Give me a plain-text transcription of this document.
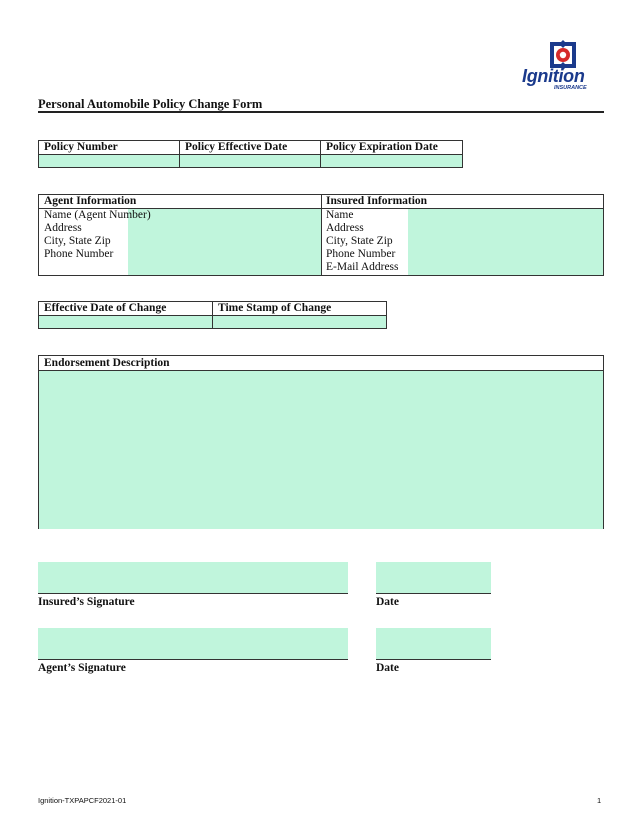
Ignition
INSURANCE
Personal Automobile Policy Change Form
Policy Number	Policy Effective Date	Policy Expiration Date

Agent Information	Insured Information
Name (Agent Number)
Address
City, State Zip
Phone Number
Name
Address
City, State Zip
Phone Number
E-Mail Address
Effective Date of Change	Time Stamp of Change

Endorsement Description
Insured’s Signature	Date
Agent’s Signature	Date
Ignition-TXPAPCF2021-01	1
